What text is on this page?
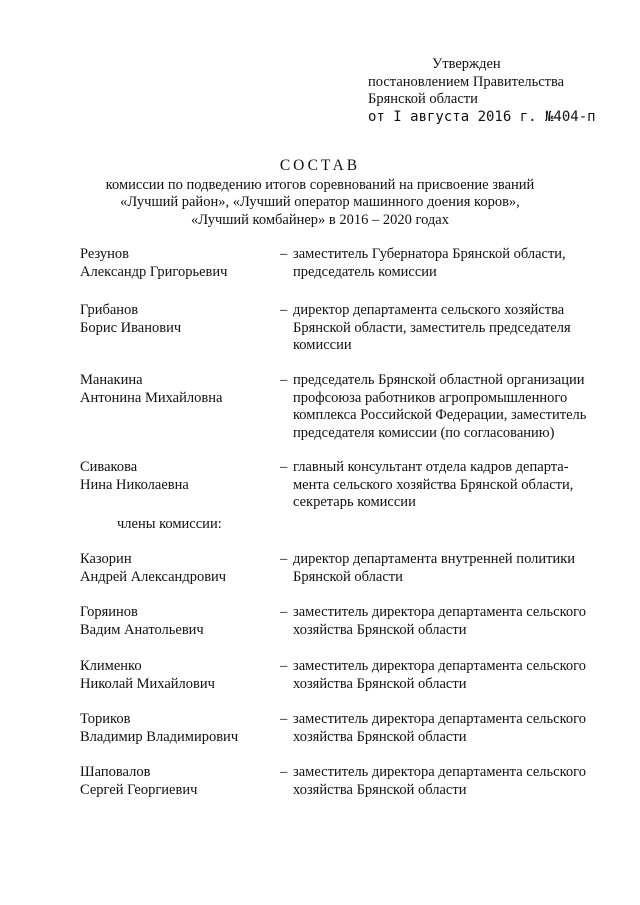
Утвержден
постановлением Правительства
Брянской области
от I августа 2016 г. №404-п
СОСТАВ
комиссии по подведению итогов соревнований на присвоение званий
«Лучший район», «Лучший оператор машинного доения коров»,
«Лучший комбайнер» в 2016 – 2020 годах
Резунов
Александр Григорьевич
– заместитель Губернатора Брянской области,
председатель комиссии
Грибанов
Борис Иванович
– директор департамента сельского хозяйства
Брянской области, заместитель председателя
комиссии
Манакина
Антонина Михайловна
– председатель Брянской областной организации
профсоюза работников агропромышленного
комплекса Российской Федерации, заместитель
председателя комиссии (по согласованию)
Сивакова
Нина Николаевна
– главный консультант отдела кадров департа-
мента сельского хозяйства Брянской области,
секретарь комиссии
Казорин
Андрей Александрович
– директор департамента внутренней политики
Брянской области
Горяинов
Вадим Анатольевич
– заместитель директора департамента сельского
хозяйства Брянской области
Клименко
Николай Михайлович
– заместитель директора департамента сельского
хозяйства Брянской области
Ториков
Владимир Владимирович
– заместитель директора департамента сельского
хозяйства Брянской области
Шаповалов
Сергей Георгиевич
– заместитель директора департамента сельского
хозяйства Брянской области
члены комиссии:
